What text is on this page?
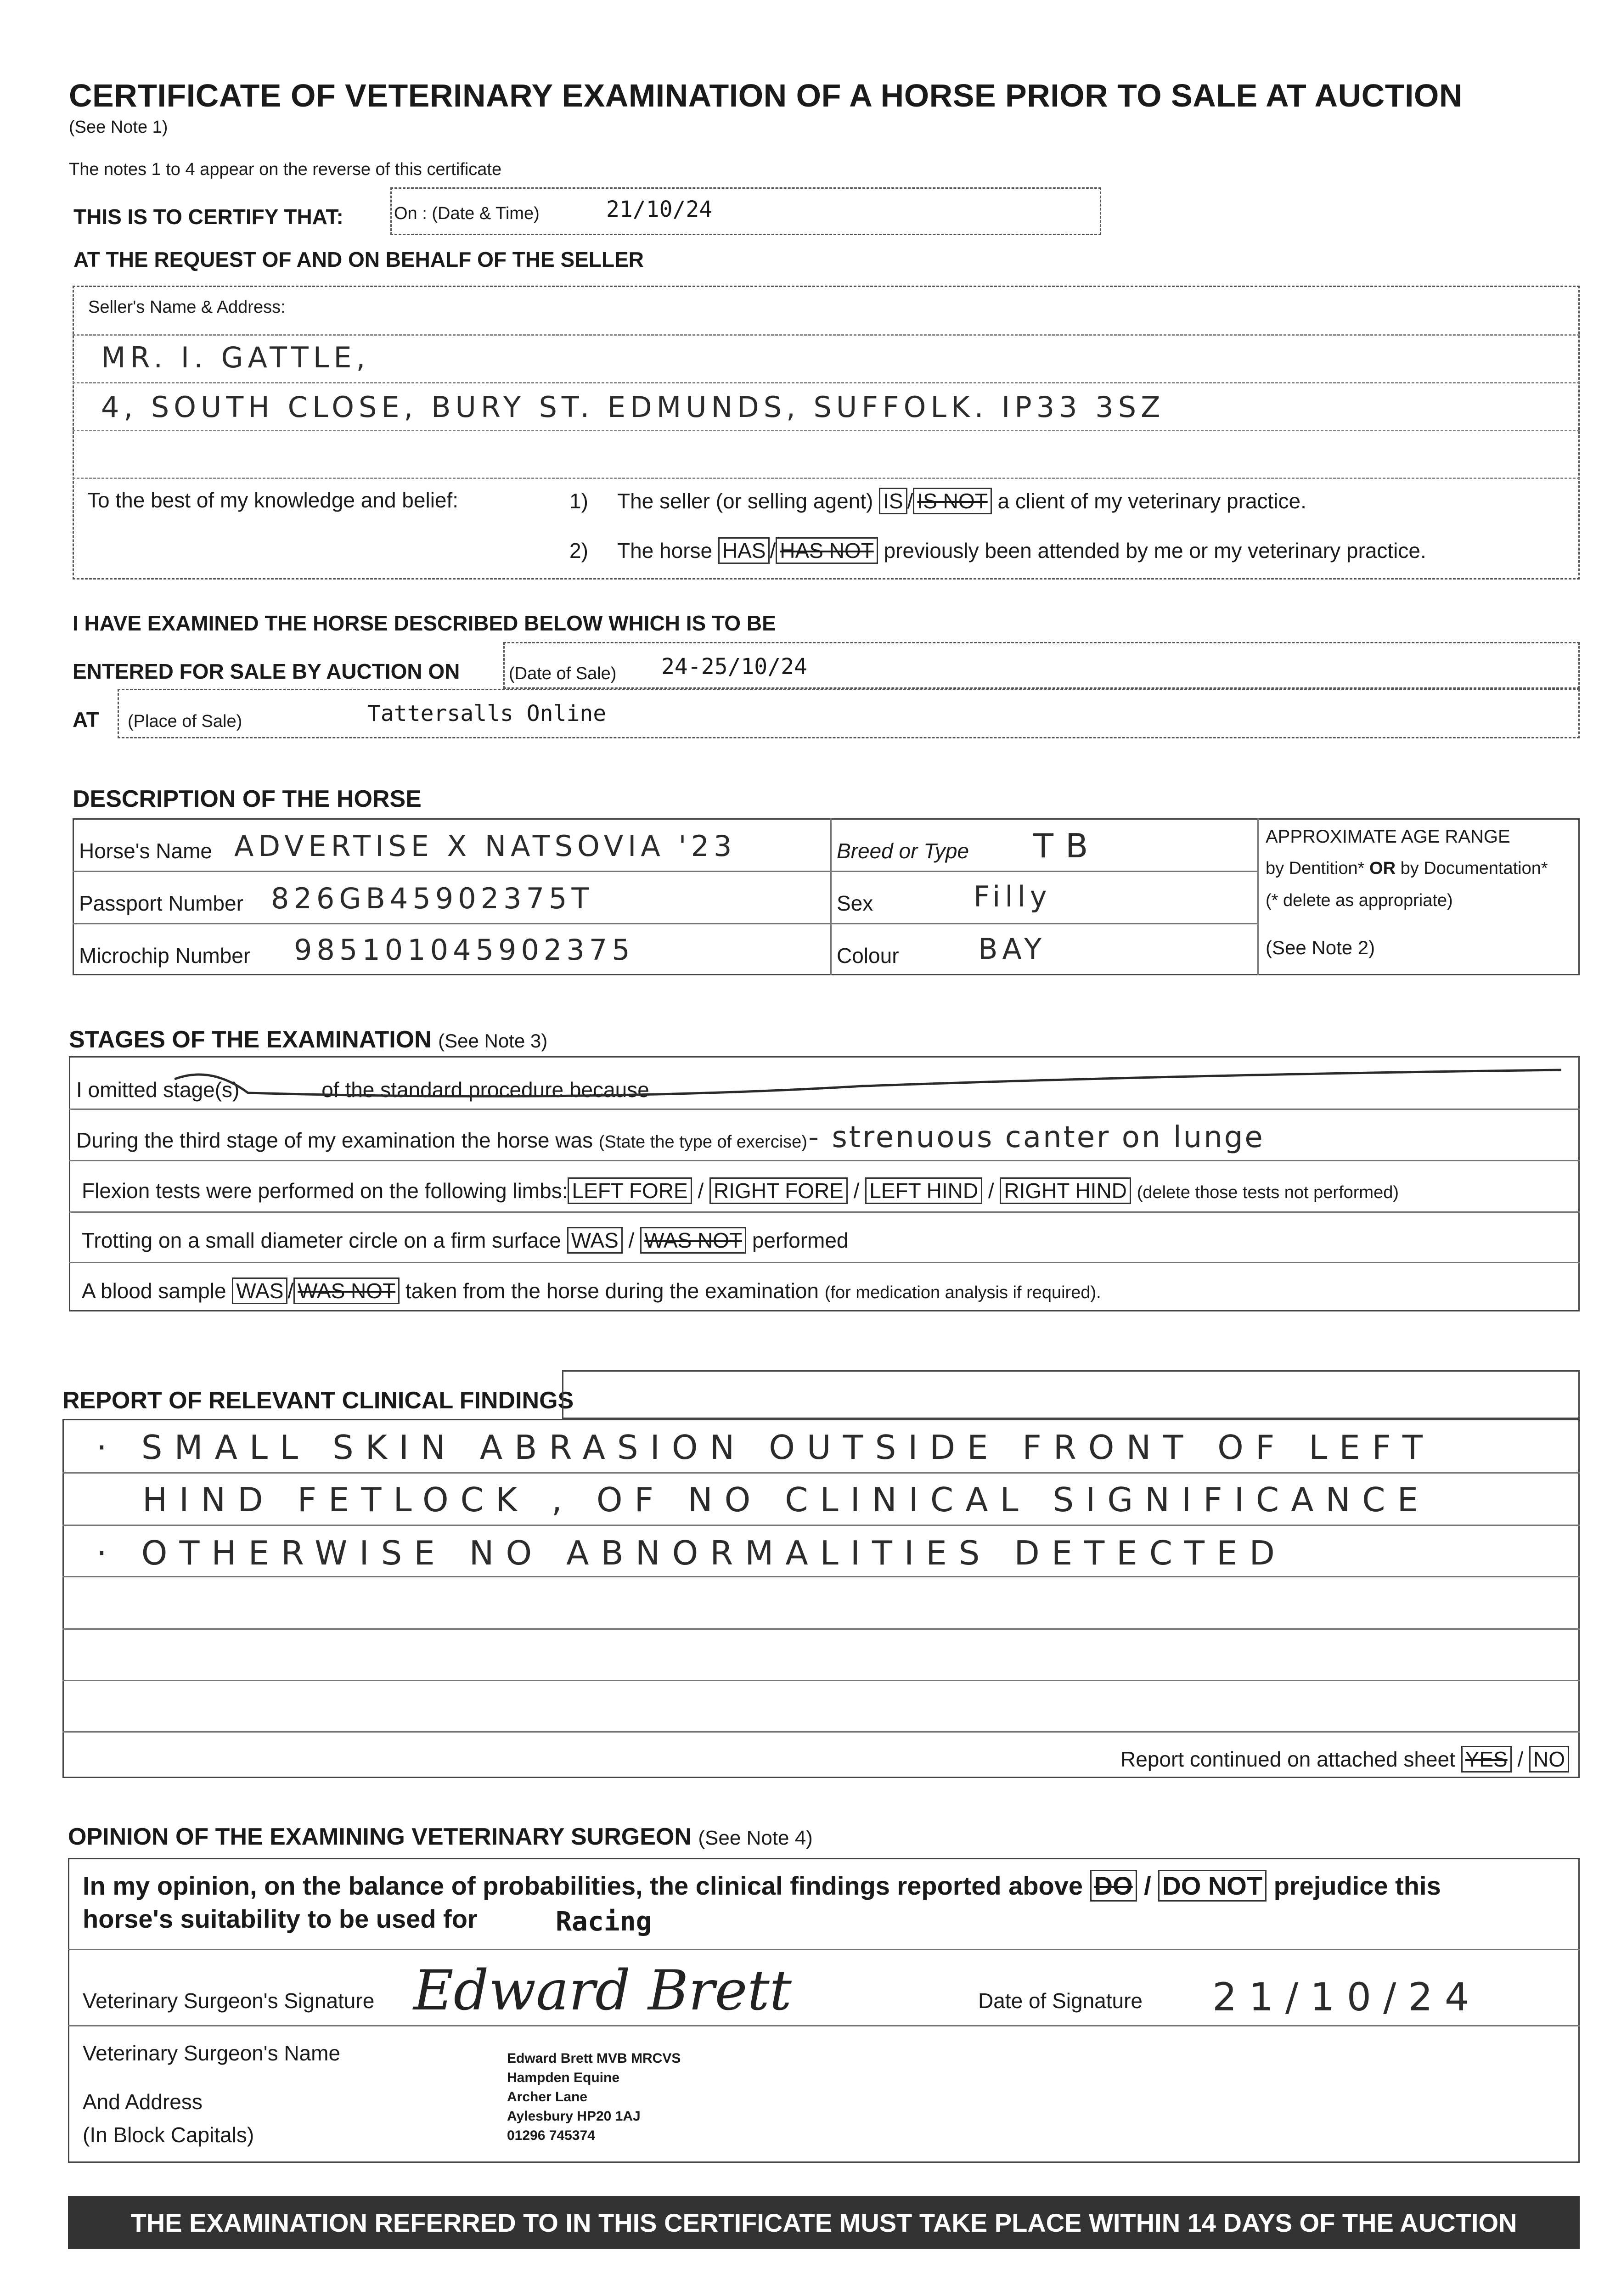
CERTIFICATE OF VETERINARY EXAMINATION OF A HORSE PRIOR TO SALE AT AUCTION
(See Note 1)
The notes 1 to 4 appear on the reverse of this certificate
THIS IS TO CERTIFY THAT:	On : (Date & Time)	21/10/24
AT THE REQUEST OF AND ON BEHALF OF THE SELLER
Seller's Name & Address:
MR. I. GATTLE,
4, SOUTH CLOSE, BURY ST. EDMUNDS, SUFFOLK. IP33 3SZ
To the best of my knowledge and belief:	1) The seller (or selling agent) IS / IS NOT a client of my veterinary practice.
2) The horse HAS / HAS NOT previously been attended by me or my veterinary practice.
I HAVE EXAMINED THE HORSE DESCRIBED BELOW WHICH IS TO BE
ENTERED FOR SALE BY AUCTION ON	(Date of Sale) 24-25/10/24
AT (Place of Sale)	Tattersalls Online
DESCRIPTION OF THE HORSE
Horse's Name ADVERTISE X NATSOVIA '23	Breed or Type TB
Passport Number 826GB45902375T	Sex	Filly
Microchip Number 985101045902375	Colour	BAY
APPROXIMATE AGE RANGE
by Dentition* OR by Documentation*
(* delete as appropriate)
(See Note 2)
STAGES OF THE EXAMINATION (See Note 3)
I omitted stage(s)	of the standard procedure because
During the third stage of my examination the horse was (State the type of exercise) - strenuous canter on lunge
Flexion tests were performed on the following limbs: LEFT FORE / RIGHT FORE / LEFT HIND / RIGHT HIND (delete those tests not performed)
Trotting on a small diameter circle on a firm surface WAS / WAS NOT performed
A blood sample WAS / WAS NOT taken from the horse during the examination (for medication analysis if required).
REPORT OF RELEVANT CLINICAL FINDINGS
· SMALL SKIN ABRASION OUTSIDE FRONT OF LEFT
HIND FETLOCK , OF NO CLINICAL SIGNIFICANCE
· OTHERWISE NO ABNORMALITIES DETECTED
Report continued on attached sheet YES / NO
OPINION OF THE EXAMINING VETERINARY SURGEON (See Note 4)
In my opinion, on the balance of probabilities, the clinical findings reported above DO / DO NOT prejudice this
horse's suitability to be used for	Racing
Veterinary Surgeon's Signature Edward Brett	Date of Signature 21/10/24
Veterinary Surgeon's Name
And Address
(In Block Capitals)
Edward Brett MVB MRCVS
Hampden Equine
Archer Lane
Aylesbury HP20 1AJ
01296 745374
THE EXAMINATION REFERRED TO IN THIS CERTIFICATE MUST TAKE PLACE WITHIN 14 DAYS OF THE AUCTION
